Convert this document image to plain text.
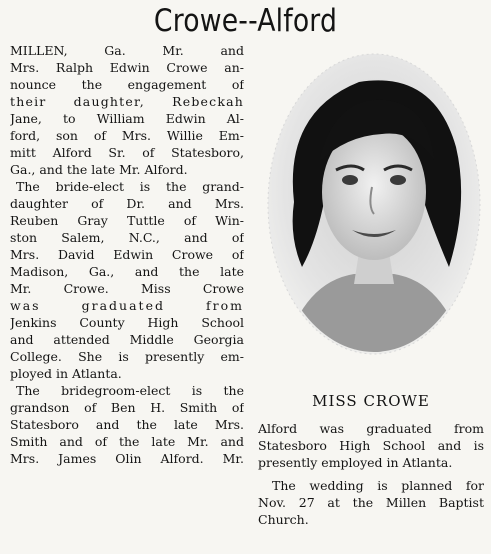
Crowe--Alford
MILLEN, Ga. Mr. and
Mrs. Ralph Edwin Crowe an-
nounce the engagement of
their daughter, Rebeckah
Jane, to William Edwin Al-
ford, son of Mrs. Willie Em-
mitt Alford Sr. of Statesboro,
Ga., and the late Mr. Alford.
The bride-elect is the grand-
daughter of Dr. and Mrs.
Reuben Gray Tuttle of Win-
ston Salem, N.C., and of
Mrs. David Edwin Crowe of
Madison, Ga., and the late
Mr. Crowe. Miss Crowe
was graduated from
Jenkins County High School
and attended Middle Georgia
College. She is presently em-
ployed in Atlanta.
The bridegroom-elect is the
grandson of Ben H. Smith of
Statesboro and the late Mrs.
Smith and of the late Mr. and
Mrs. James Olin Alford. Mr.

MISS CROWE

Alford was graduated from
Statesboro High School and is
presently employed in Atlanta.

The wedding is planned for
Nov. 27 at the Millen Baptist
Church.
